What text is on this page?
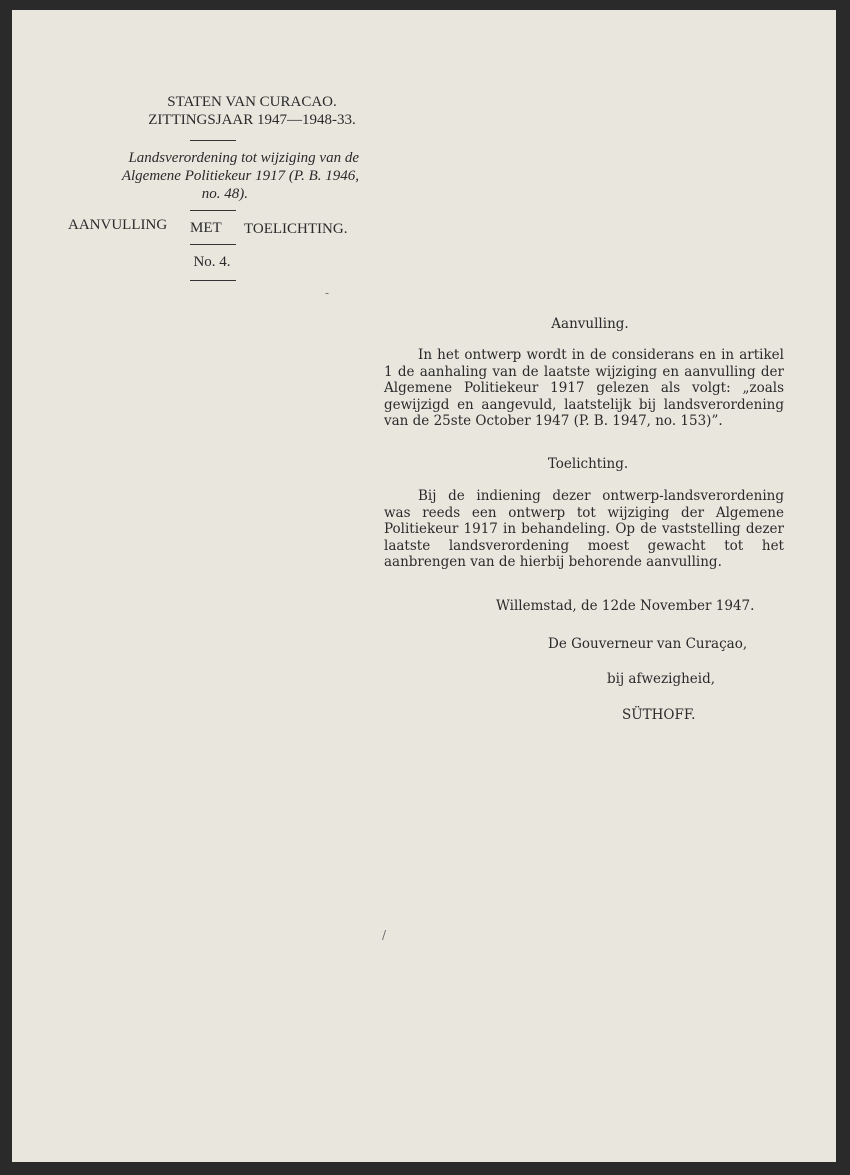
STATEN VAN CURACAO.
ZITTINGSJAAR 1947—1948-33.
Landsverordening tot wijziging van de
Algemene Politiekeur 1917 (P. B. 1946,
no. 48).
AANVULLING MET TOELICHTING.
No. 4.
-
/
Aanvulling.
In het ontwerp wordt in de considerans en in artikel 1 de aanhaling van de laatste wijziging en aanvulling der Algemene Politiekeur 1917 gelezen als volgt: „zoals gewijzigd en aangevuld, laatstelijk bij landsverordening van de 25ste October 1947 (P. B. 1947, no. 153)”.
Toelichting.
Bij de indiening dezer ontwerp-landsverordening was reeds een ontwerp tot wijziging der Algemene Politiekeur 1917 in behandeling. Op de vaststelling dezer laatste landsverordening moest gewacht tot het aanbrengen van de hierbij behorende aanvulling.
Willemstad, de 12de November 1947.
De Gouverneur van Curaçao,
bij afwezigheid,
SÜTHOFF.
